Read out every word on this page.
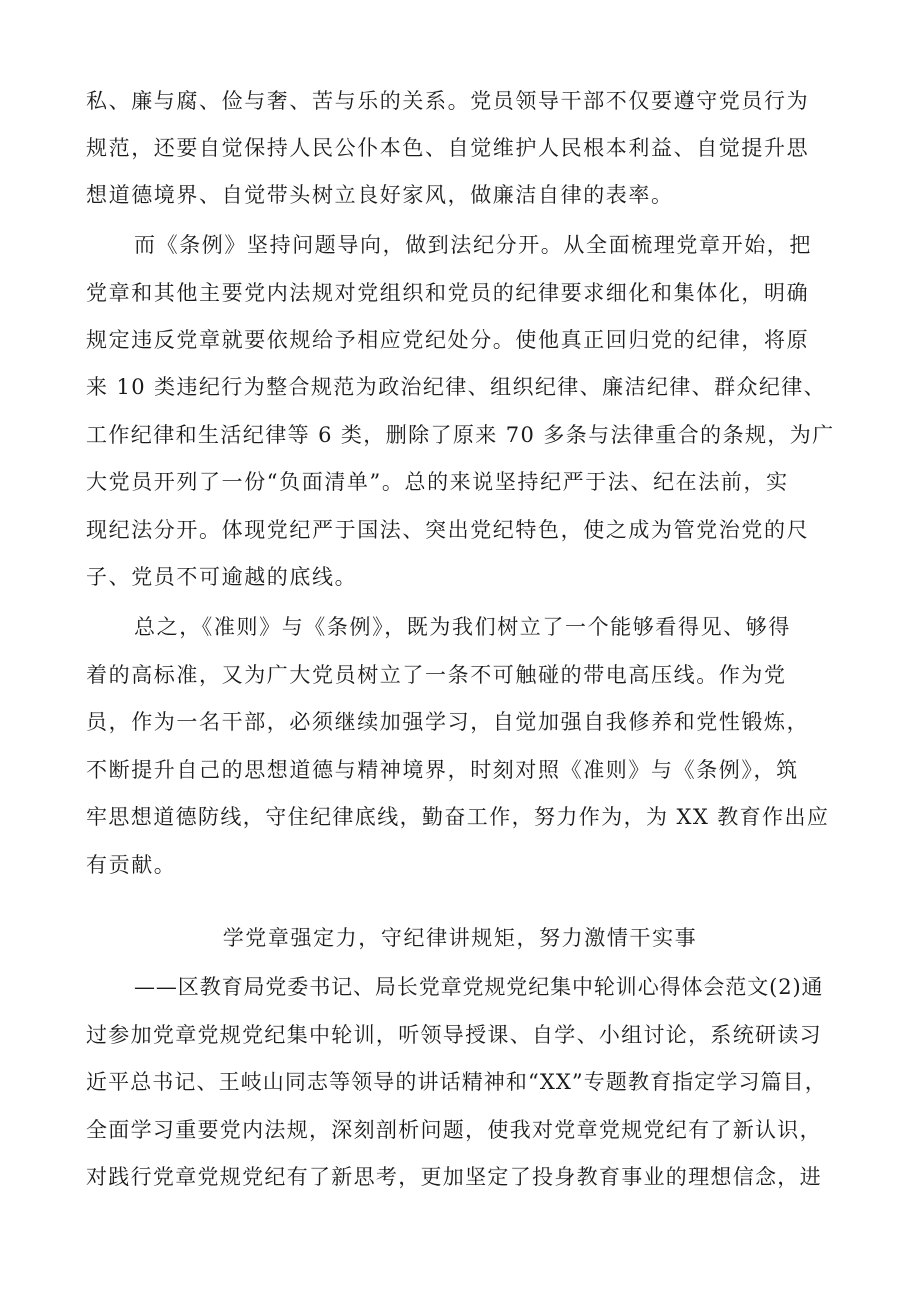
私、廉与腐、俭与奢、苦与乐的关系。党员领导干部不仅要遵守党员行为
规范，还要自觉保持人民公仆本色、自觉维护人民根本利益、自觉提升思
想道德境界、自觉带头树立良好家风，做廉洁自律的表率。
而《条例》坚持问题导向，做到法纪分开。从全面梳理党章开始，把
党章和其他主要党内法规对党组织和党员的纪律要求细化和集体化，明确
规定违反党章就要依规给予相应党纪处分。使他真正回归党的纪律，将原
来 10 类违纪行为整合规范为政治纪律、组织纪律、廉洁纪律、群众纪律、
工作纪律和生活纪律等 6 类，删除了原来 70 多条与法律重合的条规，为广
大党员开列了一份“负面清单”。总的来说坚持纪严于法、纪在法前，实
现纪法分开。体现党纪严于国法、突出党纪特色，使之成为管党治党的尺
子、党员不可逾越的底线。
总之，《准则》与《条例》，既为我们树立了一个能够看得见、够得
着的高标准，又为广大党员树立了一条不可触碰的带电高压线。作为党
员，作为一名干部，必须继续加强学习，自觉加强自我修养和党性锻炼，
不断提升自己的思想道德与精神境界，时刻对照《准则》与《条例》，筑
牢思想道德防线，守住纪律底线，勤奋工作，努力作为，为 XX 教育作出应
有贡献。
学党章强定力，守纪律讲规矩，努力激情干实事
——区教育局党委书记、局长党章党规党纪集中轮训心得体会范文(2)通
过参加党章党规党纪集中轮训，听领导授课、自学、小组讨论，系统研读习
近平总书记、王岐山同志等领导的讲话精神和“XX”专题教育指定学习篇目，
全面学习重要党内法规，深刻剖析问题，使我对党章党规党纪有了新认识，
对践行党章党规党纪有了新思考，更加坚定了投身教育事业的理想信念，进
